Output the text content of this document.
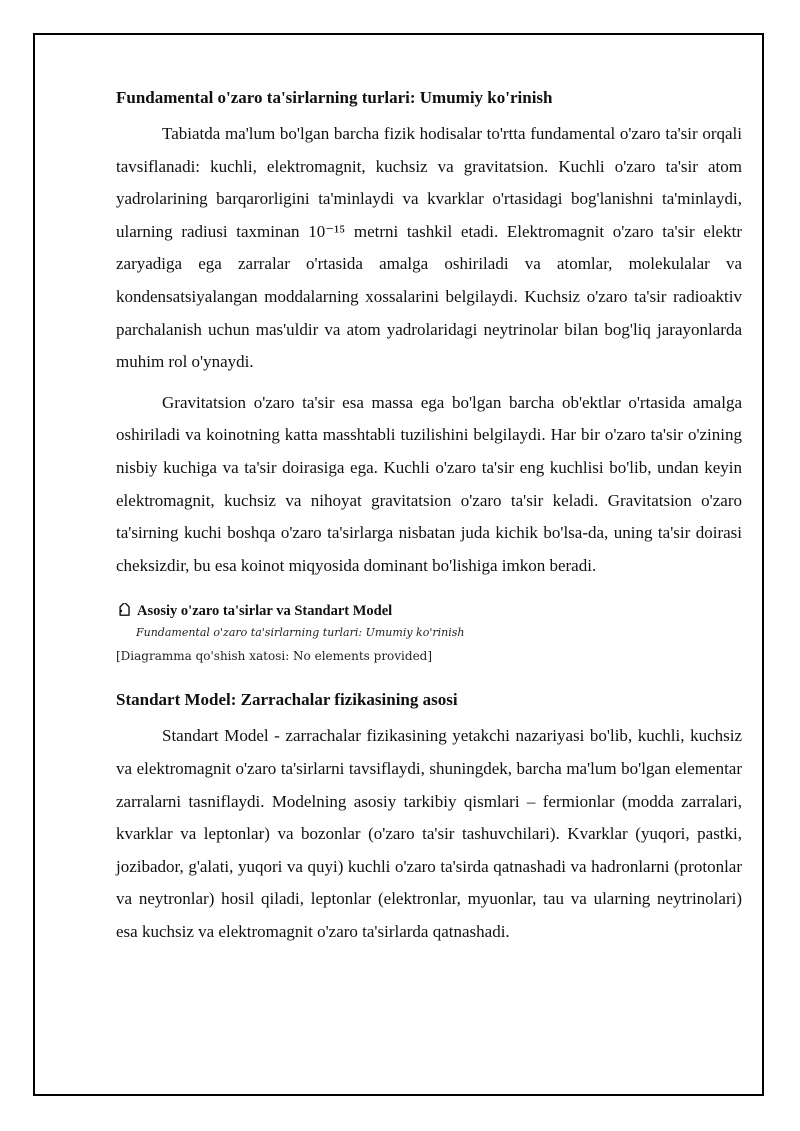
Fundamental o'zaro ta'sirlarning turlari: Umumiy ko'rinish

Tabiatda ma'lum bo'lgan barcha fizik hodisalar to'rtta fundamental o'zaro ta'sir orqali tavsiflanadi: kuchli, elektromagnit, kuchsiz va gravitatsion. Kuchli o'zaro ta'sir atom yadrolarining barqarorligini ta'minlaydi va kvarklar o'rtasidagi bog'lanishni ta'minlaydi, ularning radiusi taxminan 10⁻¹⁵ metrni tashkil etadi. Elektromagnit o'zaro ta'sir elektr zaryadiga ega zarralar o'rtasida amalga oshiriladi va atomlar, molekulalar va kondensatsiyalangan moddalarning xossalarini belgilaydi. Kuchsiz o'zaro ta'sir radioaktiv parchalanish uchun mas'uldir va atom yadrolaridagi neytrinolar bilan bog'liq jarayonlarda muhim rol o'ynaydi.

Gravitatsion o'zaro ta'sir esa massa ega bo'lgan barcha ob'ektlar o'rtasida amalga oshiriladi va koinotning katta masshtabli tuzilishini belgilaydi. Har bir o'zaro ta'sir o'zining nisbiy kuchiga va ta'sir doirasiga ega. Kuchli o'zaro ta'sir eng kuchlisi bo'lib, undan keyin elektromagnit, kuchsiz va nihoyat gravitatsion o'zaro ta'sir keladi. Gravitatsion o'zaro ta'sirning kuchi boshqa o'zaro ta'sirlarga nisbatan juda kichik bo'lsa-da, uning ta'sir doirasi cheksizdir, bu esa koinot miqyosida dominant bo'lishiga imkon beradi.

Asosiy o'zaro ta'sirlar va Standart Model
Fundamental o'zaro ta'sirlarning turlari: Umumiy ko'rinish
[Diagramma qo'shish xatosi: No elements provided]
Standart Model: Zarrachalar fizikasining asosi

Standart Model - zarrachalar fizikasining yetakchi nazariyasi bo'lib, kuchli, kuchsiz va elektromagnit o'zaro ta'sirlarni tavsiflaydi, shuningdek, barcha ma'lum bo'lgan elementar zarralarni tasniflaydi. Modelning asosiy tarkibiy qismlari – fermionlar (modda zarralari, kvarklar va leptonlar) va bozonlar (o'zaro ta'sir tashuvchilari). Kvarklar (yuqori, pastki, jozibador, g'alati, yuqori va quyi) kuchli o'zaro ta'sirda qatnashadi va hadronlarni (protonlar va neytronlar) hosil qiladi, leptonlar (elektronlar, myuonlar, tau va ularning neytrinolari) esa kuchsiz va elektromagnit o'zaro ta'sirlarda qatnashadi.
